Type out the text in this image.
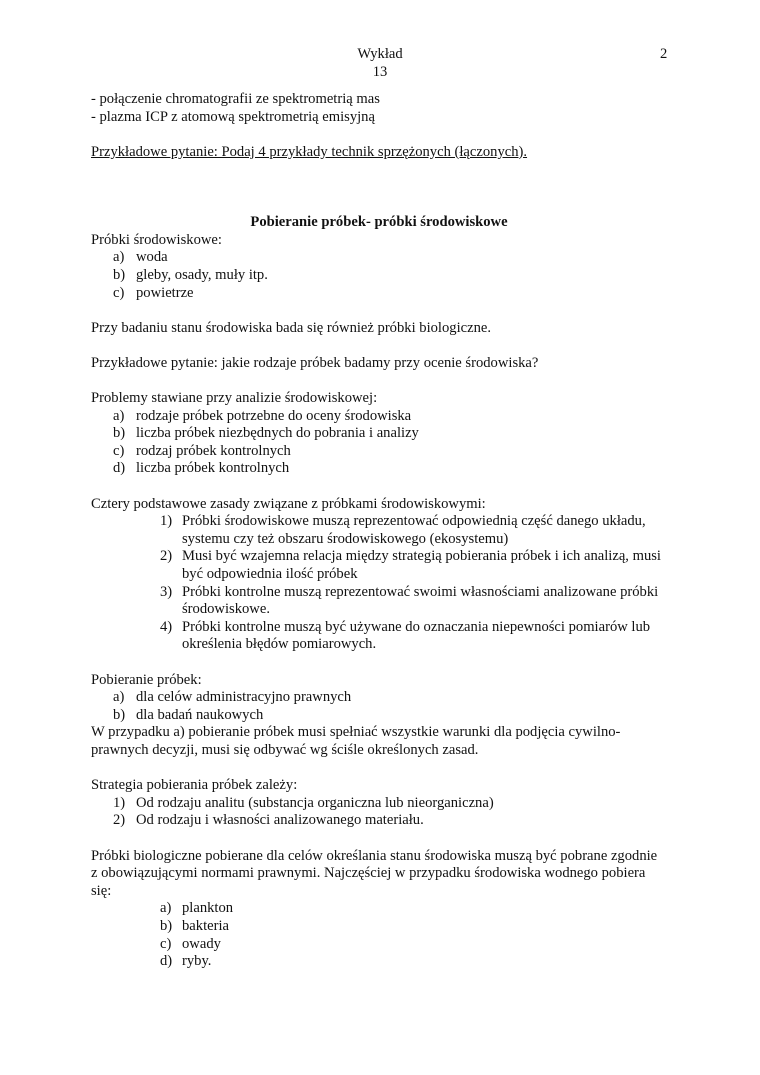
Wykład
13
2
- połączenie chromatografii ze spektrometrią mas
- plazma ICP z atomową spektrometrią emisyjną
Przykładowe pytanie: Podaj 4 przykłady technik sprzężonych (łączonych).
Pobieranie próbek- próbki środowiskowe
Próbki środowiskowe:
a) woda
b) gleby, osady, muły itp.
c) powietrze
Przy badaniu stanu środowiska bada się również próbki biologiczne.
Przykładowe pytanie: jakie rodzaje próbek badamy przy ocenie środowiska?
Problemy stawiane przy analizie środowiskowej:
a) rodzaje próbek potrzebne do oceny środowiska
b) liczba próbek niezbędnych do pobrania i analizy
c) rodzaj próbek kontrolnych
d) liczba próbek kontrolnych
Cztery podstawowe zasady związane z próbkami środowiskowymi:
1) Próbki środowiskowe muszą reprezentować odpowiednią część danego układu, systemu czy też obszaru środowiskowego (ekosystemu)
2) Musi być wzajemna relacja między strategią pobierania próbek i ich analizą, musi być odpowiednia ilość próbek
3) Próbki kontrolne muszą reprezentować swoimi własnościami analizowane próbki środowiskowe.
4) Próbki kontrolne muszą być używane do oznaczania niepewności pomiarów lub określenia błędów pomiarowych.
Pobieranie próbek:
a) dla celów administracyjno prawnych
b) dla badań naukowych
W przypadku a) pobieranie próbek musi spełniać wszystkie warunki dla podjęcia cywilno-prawnych decyzji, musi się odbywać wg ściśle określonych zasad.
Strategia pobierania próbek zależy:
1) Od rodzaju analitu (substancja organiczna lub nieorganiczna)
2) Od rodzaju i własności analizowanego materiału.
Próbki biologiczne pobierane dla celów określania stanu środowiska muszą być pobrane zgodnie z obowiązującymi normami prawnymi. Najczęściej w przypadku środowiska wodnego pobiera się:
a) plankton
b) bakteria
c) owady
d) ryby.
